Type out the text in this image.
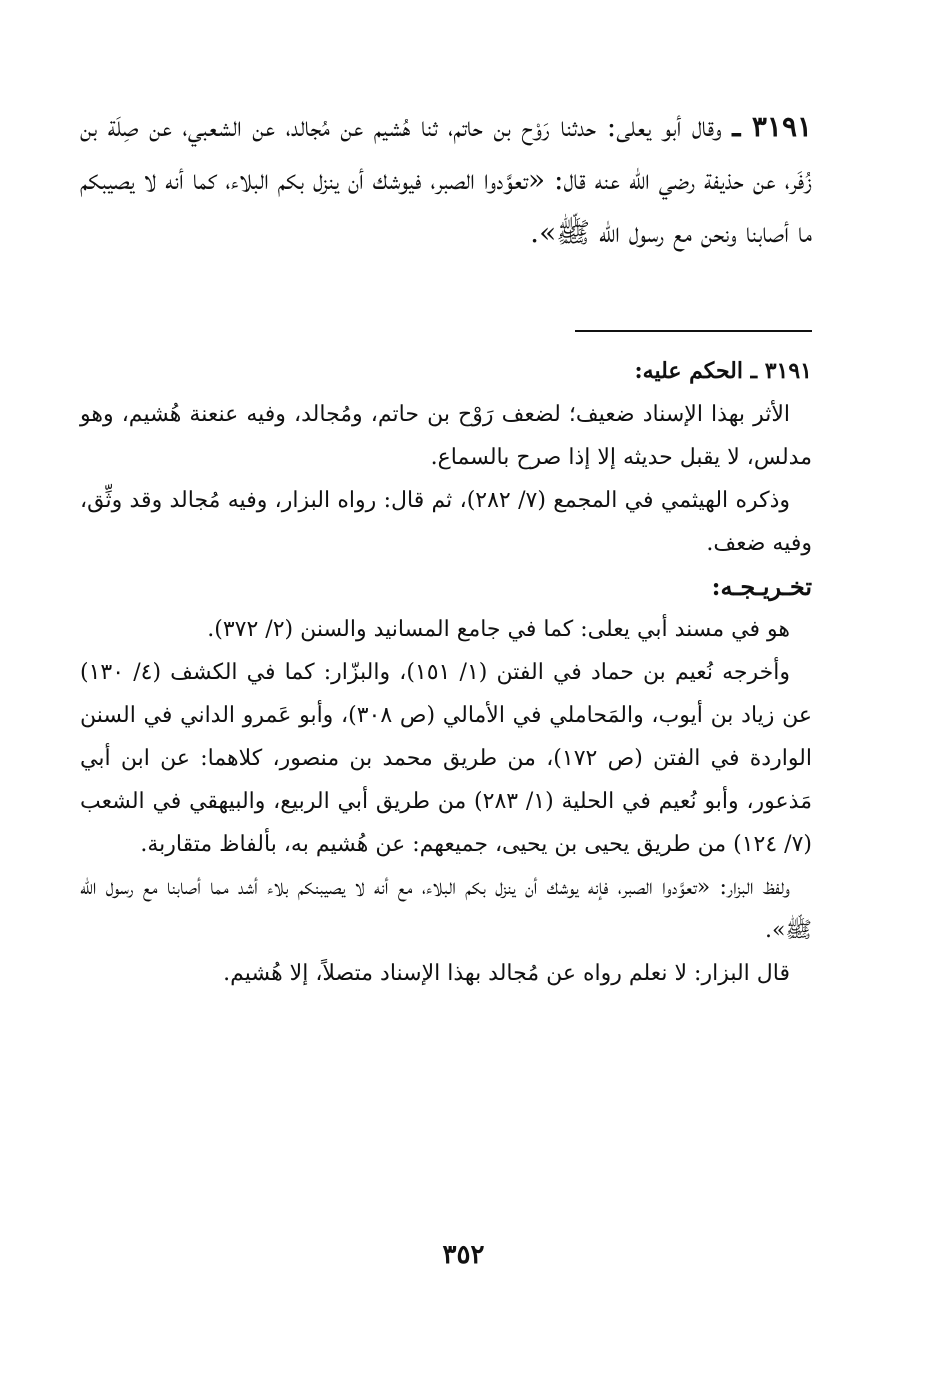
٣١٩١ ـ وقال أبو يعلى: حدثنا رَوْح بن حاتم، ثنا هُشيم عن مُجالد، عن الشعبي، عن صِلَة بن زُفَر، عن حذيفة رضي الله عنه قال: «تعوَّدوا الصبر، فيوشك أن ينزل بكم البلاء، كما أنه لا يصيبكم ما أصابنا ونحن مع رسول الله ﷺ».

٣١٩١ ـ الحكم عليه:

الأثر بهذا الإسناد ضعيف؛ لضعف رَوْح بن حاتم، ومُجالد، وفيه عنعنة هُشيم، وهو مدلس، لا يقبل حديثه إلا إذا صرح بالسماع.

وذكره الهيثمي في المجمع (٧/ ٢٨٢)، ثم قال: رواه البزار، وفيه مُجالد وقد وثِّق، وفيه ضعف.

تخـريـجـه:

هو في مسند أبي يعلى: كما في جامع المسانيد والسنن (٢/ ٣٧٢).

وأخرجه نُعيم بن حماد في الفتن (١/ ١٥١)، والبزّار: كما في الكشف (٤/ ١٣٠) عن زياد بن أيوب، والمَحاملي في الأمالي (ص ٣٠٨)، وأبو عَمرو الداني في السنن الواردة في الفتن (ص ١٧٢)، من طريق محمد بن منصور، كلاهما: عن ابن أبي مَذعور، وأبو نُعيم في الحلية (١/ ٢٨٣) من طريق أبي الربيع، والبيهقي في الشعب (٧/ ١٢٤) من طريق يحيى بن يحيى، جميعهم: عن هُشيم به، بألفاظ متقاربة.

ولفظ البزار: «تعوَّدوا الصبر، فإنه يوشك أن ينزل بكم البلاء، مع أنه لا يصيبنكم بلاء أشد مما أصابنا مع رسول الله ﷺ».

قال البزار: لا نعلم رواه عن مُجالد بهذا الإسناد متصلاً، إلا هُشيم.

٣٥٢
